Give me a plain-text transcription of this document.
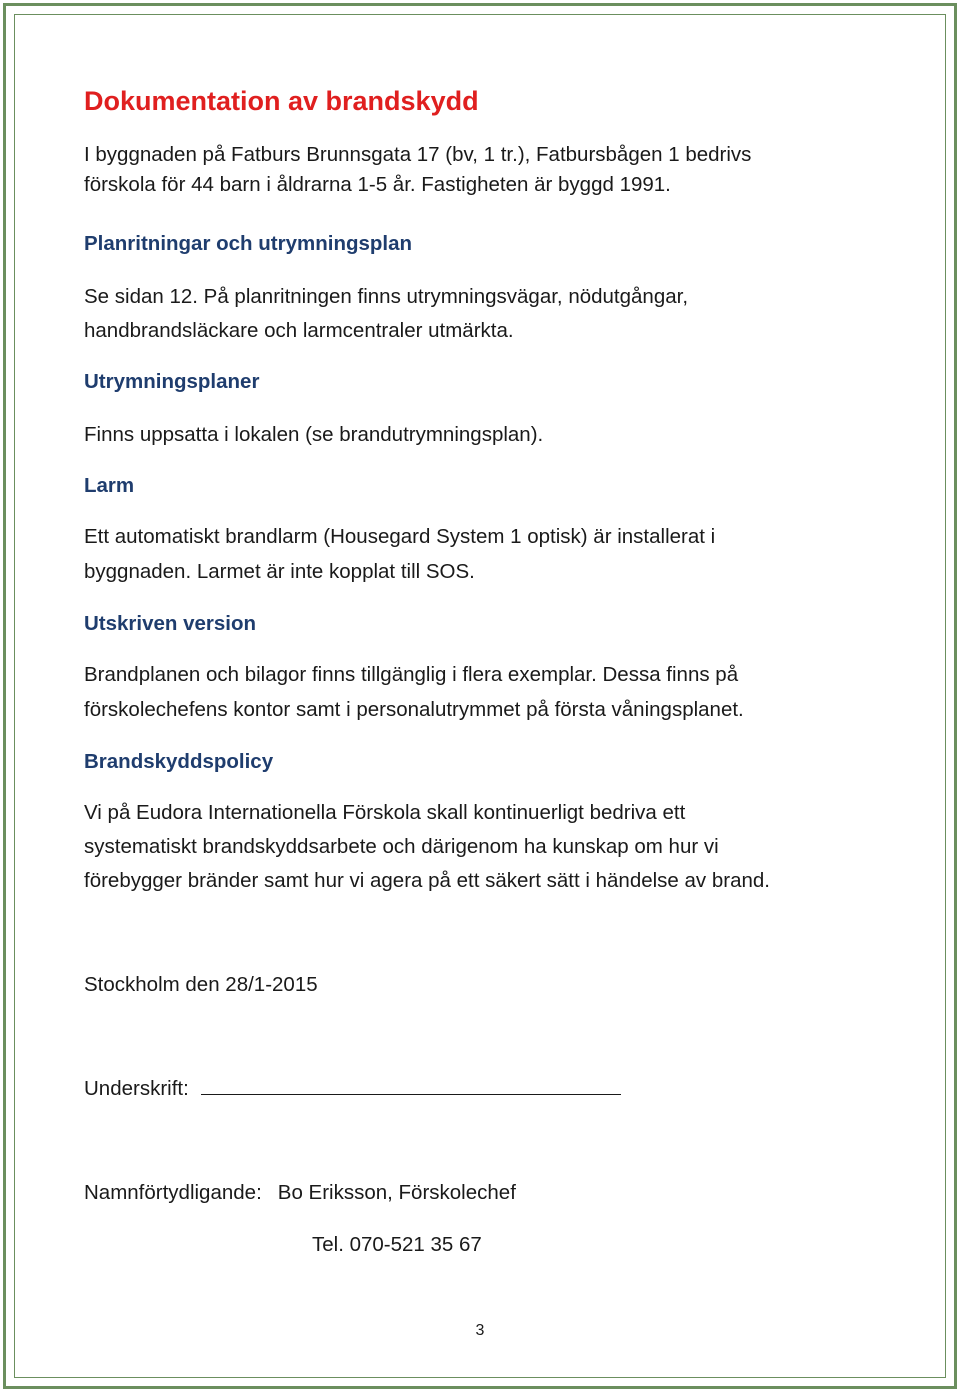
Dokumentation av brandskydd
I byggnaden på Fatburs Brunnsgata 17 (bv, 1 tr.), Fatbursbågen 1 bedrivs
förskola för 44 barn i åldrarna 1-5 år. Fastigheten är byggd 1991.
Planritningar och utrymningsplan
Se sidan 12. På planritningen finns utrymningsvägar, nödutgångar,
handbrandsläckare och larmcentraler utmärkta.
Utrymningsplaner
Finns uppsatta i lokalen (se brandutrymningsplan).
Larm
Ett automatiskt brandlarm (Housegard System 1 optisk) är installerat i
byggnaden. Larmet är inte kopplat till SOS.
Utskriven version
Brandplanen och bilagor finns tillgänglig i flera exemplar. Dessa finns på
förskolechefens kontor samt i personalutrymmet på första våningsplanet.
Brandskyddspolicy
Vi på Eudora Internationella Förskola skall kontinuerligt bedriva ett
systematiskt brandskyddsarbete och därigenom ha kunskap om hur vi
förebygger bränder samt hur vi agera på ett säkert sätt i händelse av brand.
Stockholm den 28/1-2015
Underskrift:
Namnförtydligande: Bo Eriksson, Förskolechef
Tel. 070-521 35 67
3
